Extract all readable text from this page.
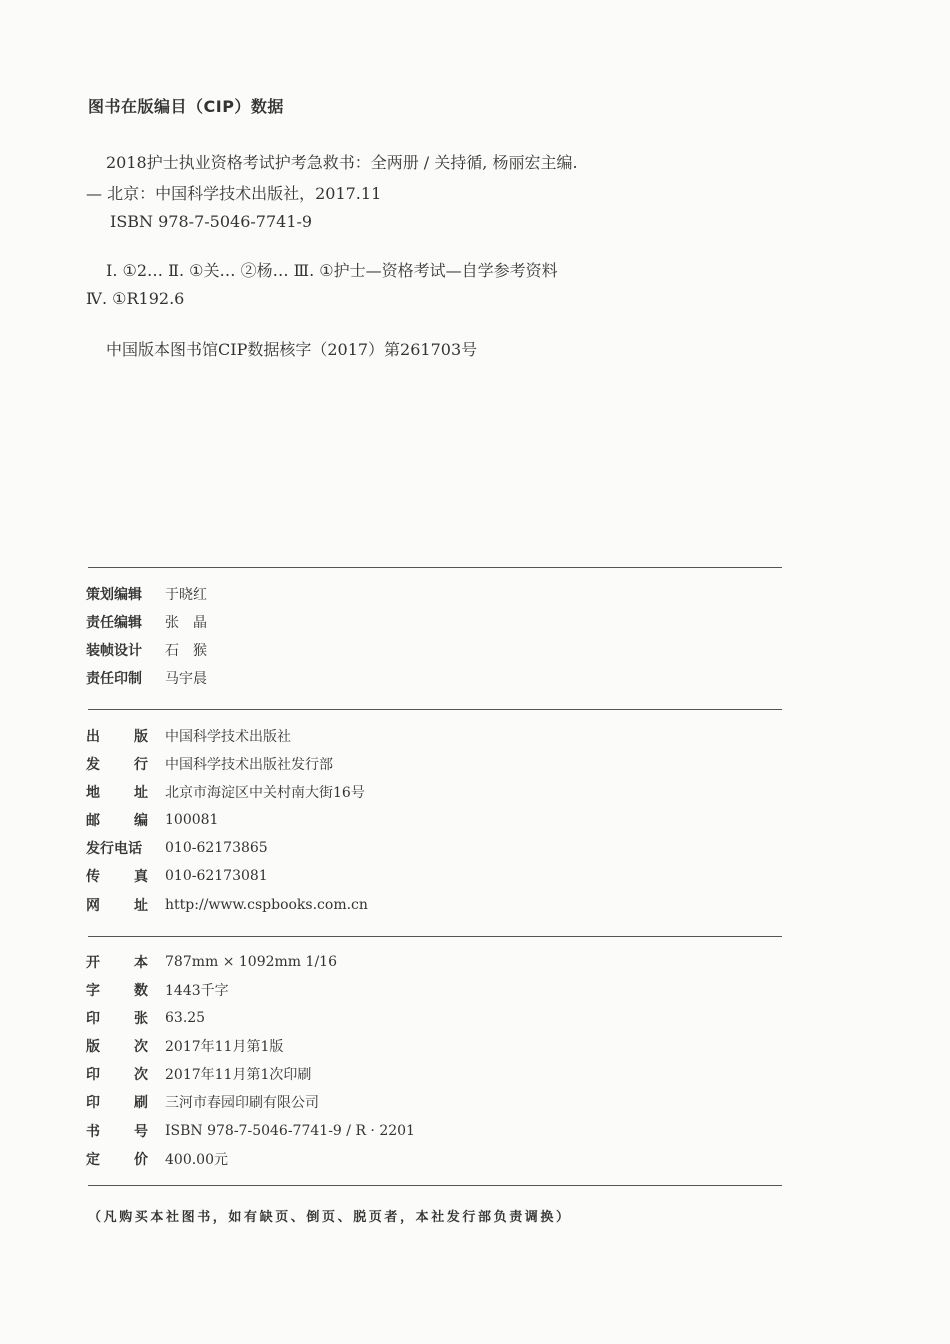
图书在版编目（CIP）数据
2018护士执业资格考试护考急救书：全两册 / 关持循, 杨丽宏主编.
— 北京：中国科学技术出版社，2017.11
ISBN 978-7-5046-7741-9
Ⅰ. ①2… Ⅱ. ①关… ②杨… Ⅲ. ①护士—资格考试—自学参考资料
Ⅳ. ①R192.6
中国版本图书馆CIP数据核字（2017）第261703号
策划编辑	于晓红
责任编辑	张　晶
装帧设计	石　猴
责任印制	马宇晨
出 版 中国科学技术出版社
发 行 中国科学技术出版社发行部
地 址 北京市海淀区中关村南大街16号
邮 编 100081
发行电话 010-62173865
传 真 010-62173081
网 址 http://www.cspbooks.com.cn
开 本 787mm × 1092mm 1/16
字 数 1443千字
印 张 63.25
版 次 2017年11月第1版
印 次 2017年11月第1次印刷
印 刷 三河市春园印刷有限公司
书 号 ISBN 978-7-5046-7741-9 / R · 2201
定 价 400.00元
（凡购买本社图书，如有缺页、倒页、脱页者，本社发行部负责调换）
